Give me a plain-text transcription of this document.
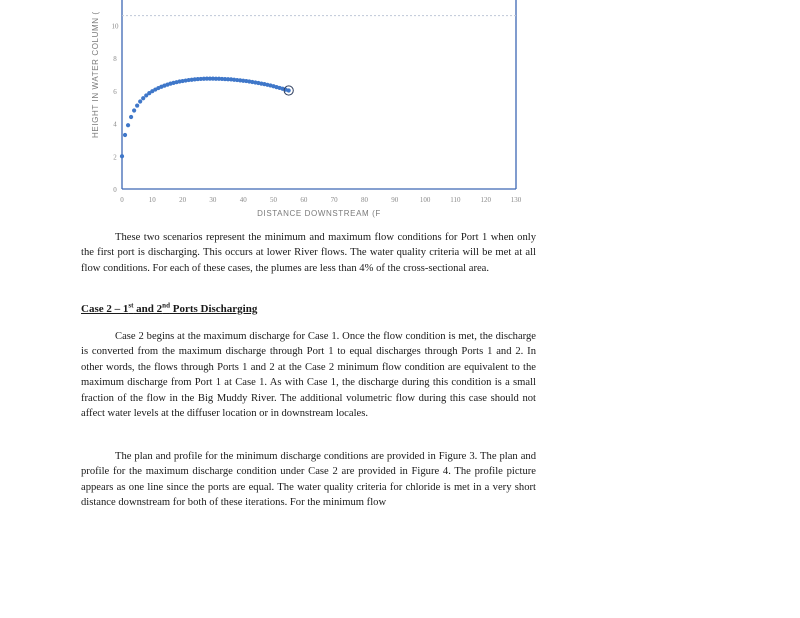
0
2
4
6
8
10
0	10	20	30	40	50	60	70	80	90	100	110	120	130
DISTANCE DOWNSTREAM (F
HEIGHT IN WATER COLUMN (

These two scenarios represent the minimum and maximum flow conditions for Port 1 when only the first port is discharging. This occurs at lower River flows. The water quality criteria will be met at all flow conditions. For each of these cases, the plumes are less than 4% of the cross-sectional area.

Case 2 – 1st and 2nd Ports Discharging

Case 2 begins at the maximum discharge for Case 1. Once the flow condition is met, the discharge is converted from the maximum discharge through Port 1 to equal discharges through Ports 1 and 2. In other words, the flows through Ports 1 and 2 at the Case 2 minimum flow condition are equivalent to the maximum discharge from Port 1 at Case 1. As with Case 1, the discharge during this condition is a small fraction of the flow in the Big Muddy River. The additional volumetric flow during this case should not affect water levels at the diffuser location or in downstream locales.

The plan and profile for the minimum discharge conditions are provided in Figure 3. The plan and profile for the maximum discharge condition under Case 2 are provided in Figure 4. The profile picture appears as one line since the ports are equal. The water quality criteria for chloride is met in a very short distance downstream for both of these iterations. For the minimum flow
